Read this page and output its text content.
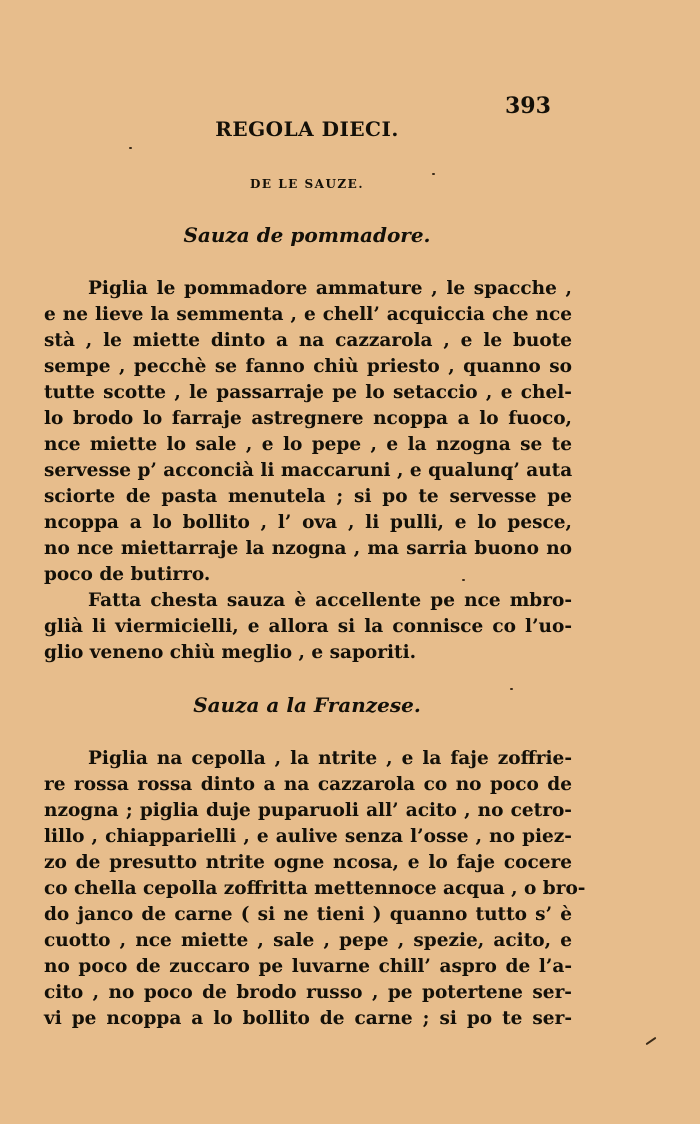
393

REGOLA DIECI.
DE LE SAUZE.
Sauza de pommadore.
Piglia le pommadore ammature , le spacche ,
e ne lieve la semmenta , e chell’ acquiccia che nce
stà , le miette dinto a na cazzarola , e le buote
sempe , pecchè se fanno chiù priesto , quanno so
tutte scotte , le passarraje pe lo setaccio , e chel-
lo brodo lo farraje astregnere ncoppa a lo fuoco,
nce miette lo sale , e lo pepe , e la nzogna se te
servesse p’ acconcià li maccaruni , e qualunq’ auta
sciorte de pasta menutela ; si po te servesse pe
ncoppa a lo bollito , l’ ova , li pulli, e lo pesce,
no nce miettarraje la nzogna , ma sarria buono no
poco de butirro.
Fatta chesta sauza è accellente pe nce mbro-
glià li viermicielli, e allora si la connisce co l’uo-
glio veneno chiù meglio , e saporiti.
Sauza a la Franzese.
Piglia na cepolla , la ntrite , e la faje zoffrie-
re rossa rossa dinto a na cazzarola co no poco de
nzogna ; piglia duje puparuoli all’ acito , no cetro-
lillo , chiapparielli , e aulive senza l’osse , no piez-
zo de presutto ntrite ogne ncosa, e lo faje cocere
co chella cepolla zoffritta mettennoce acqua , o bro-
do janco de carne ( si ne tieni ) quanno tutto s’ è
cuotto , nce miette , sale , pepe , spezie, acito, e
no poco de zuccaro pe luvarne chill’ aspro de l’a-
cito , no poco de brodo russo , pe potertene ser-
vi pe ncoppa a lo bollito de carne ; si po te ser-
